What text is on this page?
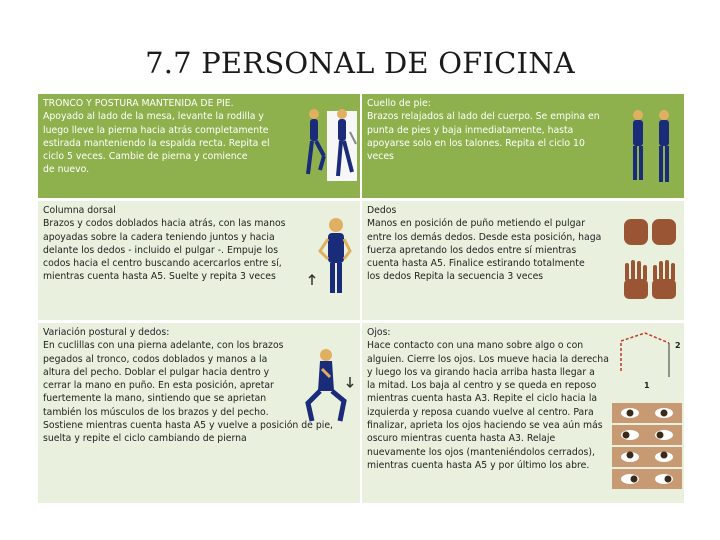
7.7 PERSONAL DE OFICINA
TRONCO Y POSTURA MANTENIDA DE PIE.
Apoyado al lado de la mesa, levante la rodilla y
luego lleve la pierna hacia atrás completamente
estirada manteniendo la espalda recta. Repita el
ciclo 5 veces. Cambie de pierna y comience
de nuevo.
Cuello de pie:
Brazos relajados al lado del cuerpo. Se empina en
punta de pies y baja inmediatamente, hasta
apoyarse solo en los talones. Repita el ciclo 10
veces
Columna dorsal
Brazos y codos doblados hacia atrás, con las manos
apoyadas sobre la cadera teniendo juntos y hacia
delante los dedos - incluido el pulgar -. Empuje los
codos hacia el centro buscando acercarlos entre sí,
mientras cuenta hasta A5. Suelte y repita 3 veces
Dedos
Manos en posición de puño metiendo el pulgar
entre los demás dedos. Desde esta posición, haga
fuerza apretando los dedos entre sí mientras
cuenta hasta A5. Finalice estirando totalmente
los dedos Repita la secuencia 3 veces
Variación postural y dedos:
En cuclillas con una pierna adelante, con los brazos
pegados al tronco, codos doblados y manos a la
altura del pecho. Doblar el pulgar hacia dentro y
cerrar la mano en puño. En esta posición, apretar
fuertemente la mano, sintiendo que se aprietan
también los músculos de los brazos y del pecho.
Sostiene mientras cuenta hasta A5 y vuelve a posición de pie,
suelta y repite el ciclo cambiando de pierna
Ojos:
Hace contacto con una mano sobre algo o con
alguien. Cierre los ojos. Los mueve hacia la derecha
y luego los va girando hacia arriba hasta llegar a
la mitad. Los baja al centro y se queda en reposo
mientras cuenta hasta A3. Repite el ciclo hacia la
izquierda y reposa cuando vuelve al centro. Para
finalizar, aprieta los ojos haciendo se vea aún más
oscuro mientras cuenta hasta A3. Relaje
nuevamente los ojos (manteniéndolos cerrados),
mientras cuenta hasta A5 y por último los abre.
2
1
